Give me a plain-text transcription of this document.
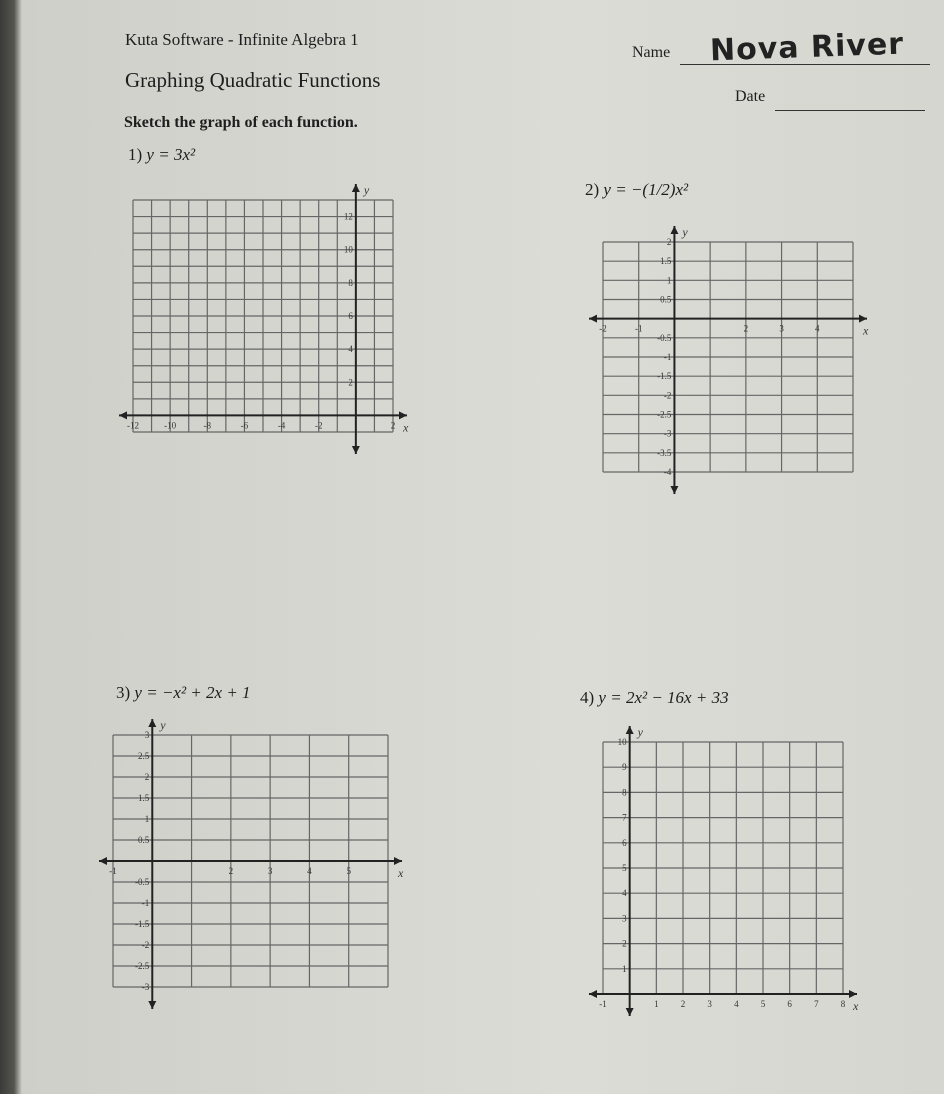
Kuta Software - Infinite Algebra 1
Graphing Quadratic Functions
Sketch the graph of each function.
Name Nova River
Date
1) y = 3x²
x
y
-12	-10	-8	-6	-4	-2	2
2
4
6
8
10
12
2) y = −(1/2)x²
x
y
-2	-1	2	3	4
2
1.5
1
0.5
-0.5
-1
-1.5
-2
-2.5
-3
-3.5
-4
3) y = −x² + 2x + 1
x
y
-1	2	3	4	5
3
2.5
2
1.5
1
0.5
-0.5
-1
-1.5
-2
-2.5
-3
4) y = 2x² − 16x + 33
x
y
-1	1 2 3 4 5 6 7 8
10
9
8
7
6
5
4
3
2
1
